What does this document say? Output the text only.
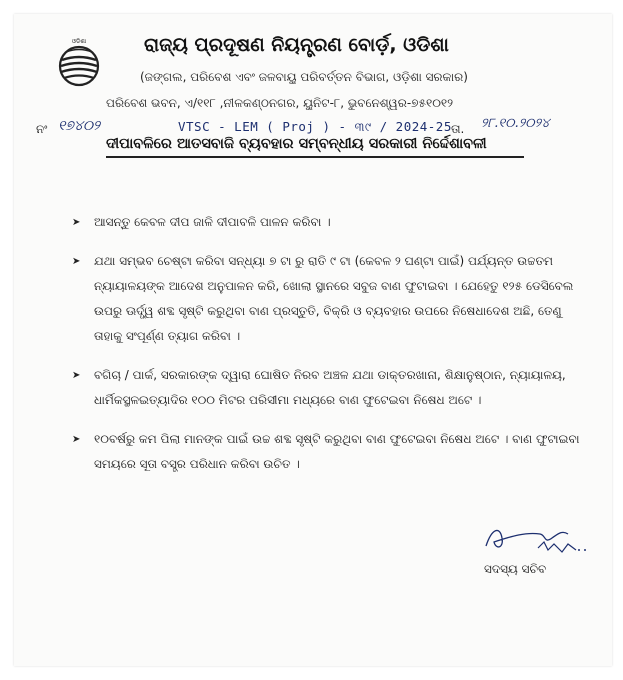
ଓଡିଶା	ରାଜ୍ୟ ପ୍ରଦୂଷଣ ନିୟନ୍ତ୍ରଣ ବୋର୍ଡ଼, ଓଡିଶା
(ଜଙ୍ଗଲ, ପରିବେଶ ଏବଂ ଜଳବାୟୁ ପରିବର୍ତ୍ତନ ବିଭାଗ, ଓଡ଼ିଶା ସରକାର)
ପରିବେଶ ଭବନ, ଏ/୧୧୮ ,ନୀଳକଣ୍ଠନଗର, ୟୁନିଟ-୮, ଭୁବନେଶ୍ୱର-୭୫୧୦୧୨
ନଂ ୧୭୪୦୨	VTSC - LEM ( Proj ) - ୩୯ / 2024-25 ତା. ୨୮.୧୦.୨୦୨୪
ଦୀପାବଳିରେ ଆତସବାଜି ବ୍ୟବହାର ସମ୍ବନ୍ଧୀୟ ସରକାରୀ ନିର୍ଦ୍ଦେଶାବଳୀ
➤ ଆସନ୍ତୁ କେବଳ ଦୀପ ଜାଳି ଦୀପାବଳି ପାଳନ କରିବା ।
➤ ଯଥା ସମ୍ଭବ ଚେଷ୍ଟା କରିବା ସନ୍ଧ୍ୟା ୭ ଟା ରୁ ରାତି ୯ ଟା (କେବଳ ୨ ଘଣ୍ଟା ପାଇଁ) ପର୍ଯ୍ୟନ୍ତ ଉଚ୍ଚତମ ନ୍ୟାୟାଳୟଙ୍କ ଆଦେଶ ଅନୁପାଳନ କରି, ଖୋଲା ସ୍ଥାନରେ ସବୁଜ ବାଣ ଫୁଟାଇବା । ଯେହେତୁ ୧୨୫ ଡେସିବେଲ ଉପରୁ ଊର୍ଦ୍ଧ୍ୱ ଶବ୍ଦ ସୃଷ୍ଟି କରୁଥିବା ବାଣ ପ୍ରସ୍ତୁତି, ବିକ୍ରି ଓ ବ୍ୟବହାର ଉପରେ ନିଷେଧାଦେଶ ଅଛି, ତେଣୁ ତାହାକୁ ସଂପୂର୍ଣ୍ଣ ତ୍ୟାଗ କରିବା ।
➤ ବଗିଚା / ପାର୍କ, ସରକାରଙ୍କ ଦ୍ୱାରା ଘୋଷିତ ନିରବ ଅଞ୍ଚଳ ଯଥା ଡାକ୍ତରଖାନା, ଶିକ୍ଷାନୁଷ୍ଠାନ, ନ୍ୟାୟାଳୟ, ଧାର୍ମିକସ୍ଥଳଇତ୍ୟାଦିର ୧୦୦ ମିଟର ପରିସୀମା ମଧ୍ୟରେ ବାଣ ଫୁଟେଇବା ନିଷେଧ ଅଟେ ।
➤ ୧୦ବର୍ଷରୁ କମ ପିଲା ମାନଙ୍କ ପାଇଁ ଉଚ୍ଚ ଶବ୍ଦ ସୃଷ୍ଟି କରୁଥିବା ବାଣ ଫୁଟେଇବା ନିଷେଧ ଅଟେ । ବାଣ ଫୁଟାଇବା ସମୟରେ ସୂତା ବସ୍ତ୍ର ପରିଧାନ କରିବା ଉଚିତ ।
ସଦସ୍ୟ ସଚିବ
